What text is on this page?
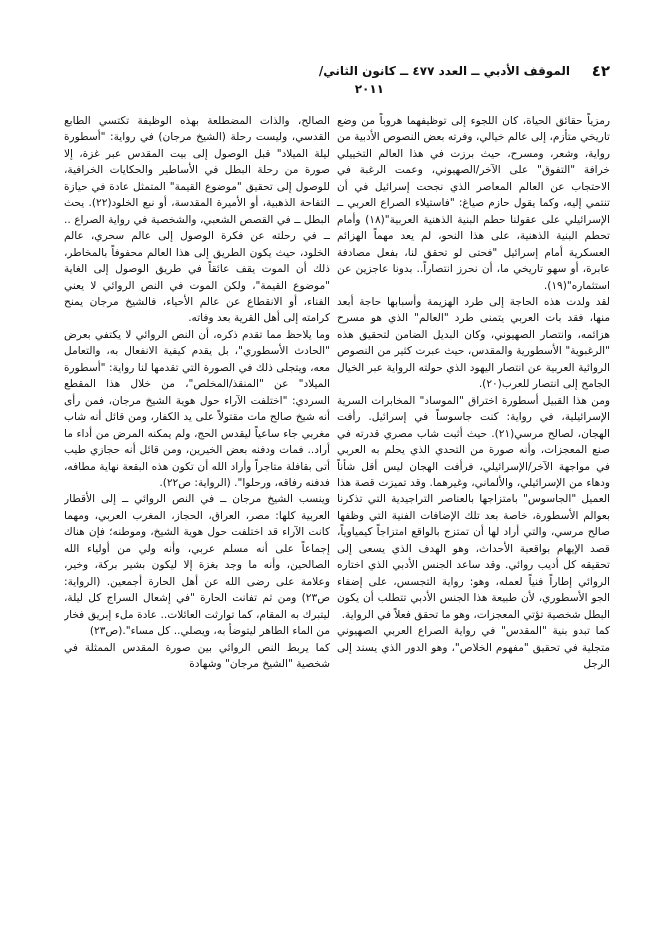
٤٢
الموقف الأدبي ــ العدد ٤٧٧ ــ كانون الثاني/
٢٠١١

رمزياً حقائق الحياة، كان اللجوء إلى توظيفهما هروباً من وضع تاريخي متأزم، إلى عالم خيالي، وفرته بعض النصوص الأدبية من رواية، وشعر، ومسرح، حيث برزت في هذا العالم التخييلي خرافة "التفوق" على الآخر/الصهيوني، وعمت الرغبة في الاحتجاب عن العالم المعاصر الذي نجحت إسرائيل في أن تنتمي إليه، وكما يقول حازم صياغ: "فاستيلاء الصراع العربي ــ الإسرائيلي على عقولنا حطم البنية الذهنية العربية"(١٨) وأمام تحطم البنية الذهنية، على هذا النحو، لم يعد مهماً الهزائم العسكرية أمام إسرائيل "فحتى لو تحقق لنا، بفعل مصادفة عابرة، أو سهو تاريخي ما، أن نحرز انتصاراً.. بدونا عاجزين عن استثماره"(١٩).

لقد ولدت هذه الحاجة إلى طرد الهزيمة وأسبابها حاجة أبعد منها، فقد بات العربي يتمنى طرد "العالم" الذي هو مسرح هزائمه، وانتصار الصهيوني، وكان البديل الضامن لتحقيق هذه "الرغبوية" الأسطورية والمقدس، حيث عبرت كثير من النصوص الروائية العربية عن انتصار اليهود الذي حولته الرواية عبر الخيال الجامح إلى انتصار للعرب(٢٠).

ومن هذا القبيل أسطورة اختراق "الموساد" المخابرات السرية الإسرائيلية، في رواية: كنت جاسوساً في إسرائيل. رأفت الهجان، لصالح مرسي(٢١). حيث أثبت شاب مصري قدرته في صنع المعجزات، وأنه صورة من التحدي الذي يحلم به العربي في مواجهة الآخر/الإسرائيلي، فرأفت الهجان ليس أقل شأناً ودهاء من الإسرائيلي، والألماني، وغيرهما. وقد تميزت قصة هذا العميل "الجاسوس" بامتزاجها بالعناصر التراجيدية التي تذكرنا بعوالم الأسطورة، خاصة بعد تلك الإضافات الفنية التي وظفها صالح مرسي، والتي أراد لها أن تمتزج بالواقع امتزاجاً كيمياوياً، قصد الإيهام بواقعية الأحداث، وهو الهدف الذي يسعى إلى تحقيقه كل أديب روائي. وقد ساعد الجنس الأدبي الذي اختاره الروائي إطاراً فنياً لعمله، وهو: رواية التجسس، على إضفاء الجو الأسطوري، لأن طبيعة هذا الجنس الأدبي تتطلب أن يكون البطل شخصية تؤتي المعجزات، وهو ما تحقق فعلاً في الرواية.

كما تبدو بنية "المقدس" في رواية الصراع العربي الصهيوني متجلية في تحقيق "مفهوم الخلاص"، وهو الدور الذي يسند إلى الرجل

الصالح، والذات المضطلعة بهذه الوظيفة تكتسي الطابع القدسي، وليست رحلة (الشيخ مرجان) في رواية: "أسطورة ليلة الميلاد" قبل الوصول إلى بيت المقدس عبر غزة، إلا صورة من رحلة البطل في الأساطير والحكايات الخرافية، للوصول إلى تحقيق "موضوع القيمة" المتمثل عادة في حيازة التفاحة الذهبية، أو الأميرة المقدسة، أو نبع الخلود(٢٢). يحث البطل ــ في القصص الشعبي، والشخصية في رواية الصراع .. ــ في رحلته عن فكرة الوصول إلى عالم سحري، عالم الخلود، حيث يكون الطريق إلى هذا العالم محفوفاً بالمخاطر، ذلك أن الموت يقف عائقاً في طريق الوصول إلى الغاية "موضوع القيمة"، ولكن الموت في النص الروائي لا يعني الفناء، أو الانقطاع عن عالم الأحياء، فالشيخ مرجان يمنح كرامته إلى أهل القرية بعد وفاته.

وما يلاحظ مما تقدم ذكره، أن النص الروائي لا يكتفي بعرض "الحادث الأسطوري"، بل يقدم كيفية الانفعال به، والتعامل معه، ويتجلى ذلك في الصورة التي تقدمها لنا رواية: "أسطورة الميلاد" عن "المنقذ/المخلص"، من خلال هذا المقطع السردي: "اختلفت الآراء حول هوية الشيخ مرجان، فمن رأى أنه شيخ صالح مات مقتولاً على يد الكفار، ومن قائل أنه شاب مغربي جاء ساعياً ليقدس الحج، ولم يمكنه المرض من أداء ما أراد.. فمات ودفنه بعض الخيرين، ومن قائل أنه حجازي طيب أتى بقافلة متاجراً وأراد الله أن تكون هذه البقعة نهاية مطافه، فدفنه رفاقه، ورحلوا". (الرواية: ص٢٢).

وينسب الشيخ مرجان ــ في النص الروائي ــ إلى الأقطار العربية كلها: مصر، العراق، الحجاز، المغرب العربي، ومهما كانت الآراء قد اختلفت حول هوية الشيخ، وموطنه؛ فإن هناك إجماعاً على أنه مسلم عربي، وأنه ولي من أولياء الله الصالحين، وأنه ما وجد بغزة إلا ليكون بشير بركة، وخير، وعلامة على رضى الله عن أهل الحارة أجمعين. (الرواية: ص٢٣) ومن ثم تفانت الحارة "في إشعال السراج كل ليلة، ليتبرك به المقام، كما توارثت العائلات.. عادة ملء إبريق فخار من الماء الطاهر ليتوضأ به، ويصلي.. كل مساء".(ص٢٣)

كما يربط النص الروائي بين صورة المقدس الممثلة في شخصية "الشيخ مرجان" وشهادة
